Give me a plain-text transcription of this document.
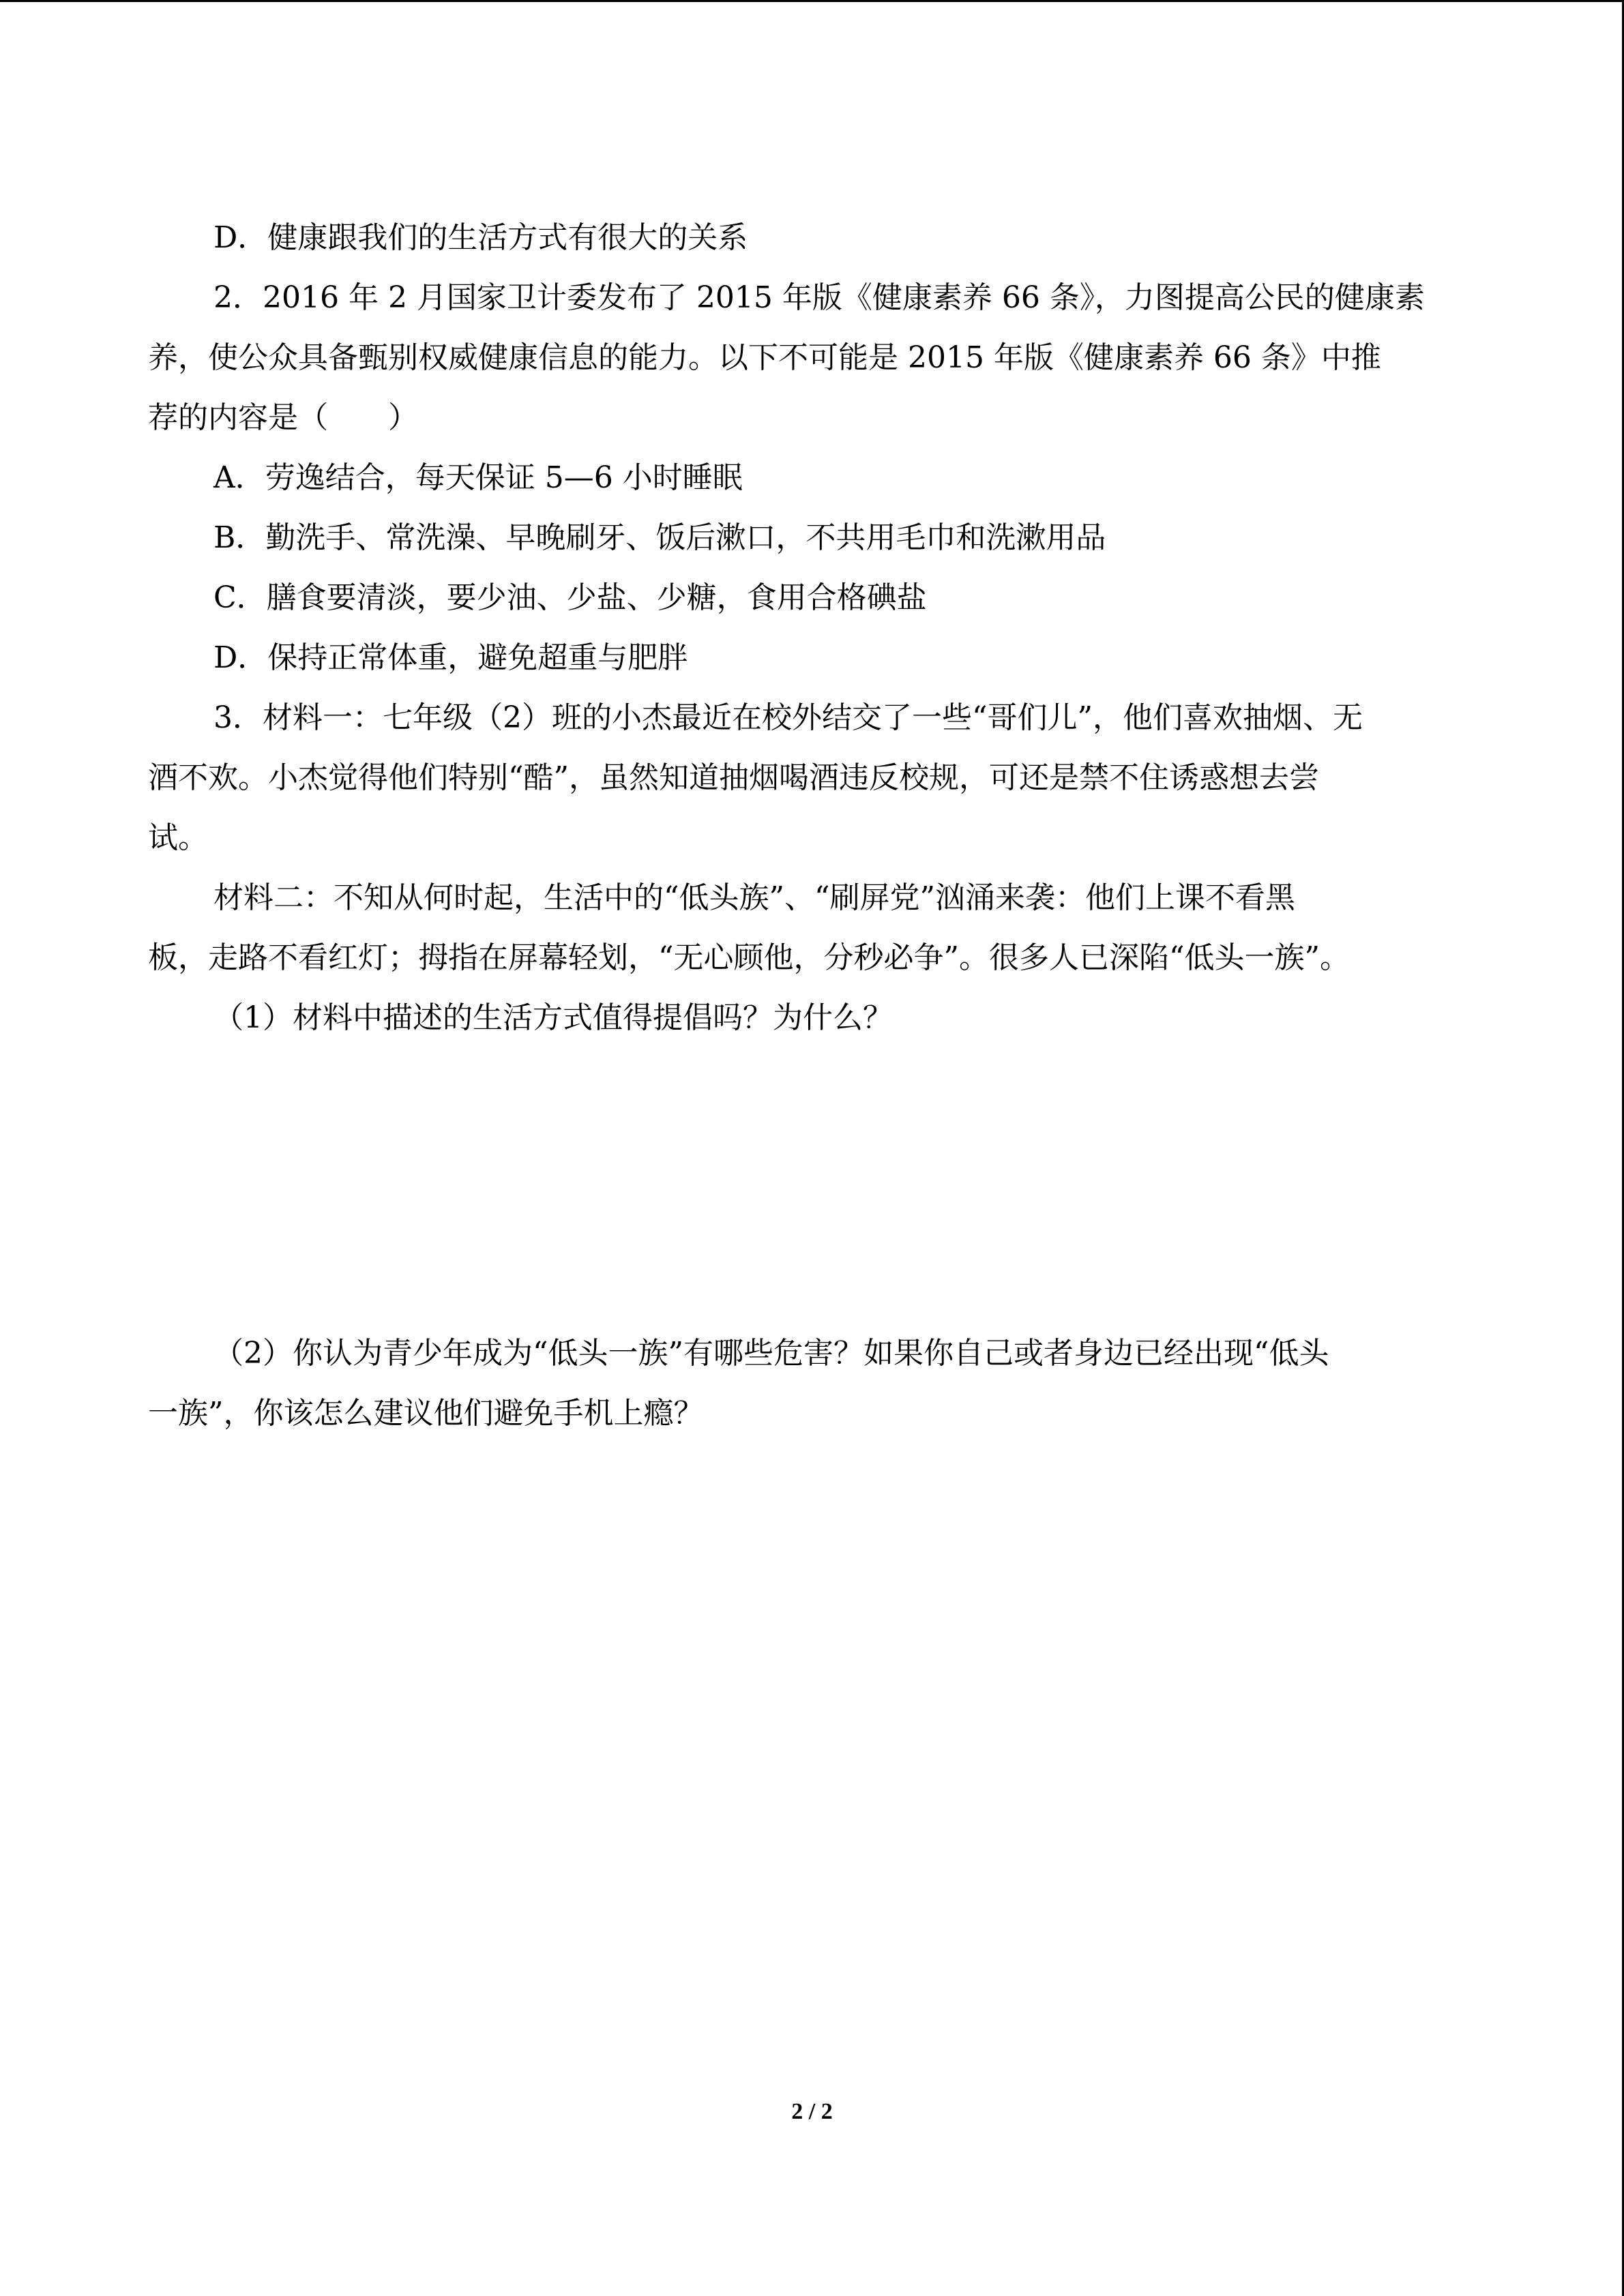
D．健康跟我们的生活方式有很大的关系

2．2016 年 2 月国家卫计委发布了 2015 年版《健康素养 66 条》，力图提高公民的健康素

养，使公众具备甄别权威健康信息的能力。以下不可能是 2015 年版《健康素养 66 条》中推

荐的内容是（　　）

A．劳逸结合，每天保证 5—6 小时睡眠

B．勤洗手、常洗澡、早晚刷牙、饭后漱口，不共用毛巾和洗漱用品

C．膳食要清淡，要少油、少盐、少糖，食用合格碘盐

D．保持正常体重，避免超重与肥胖

3．材料一：七年级（2）班的小杰最近在校外结交了一些“哥们儿”，他们喜欢抽烟、无

酒不欢。小杰觉得他们特别“酷”，虽然知道抽烟喝酒违反校规，可还是禁不住诱惑想去尝

试。

材料二：不知从何时起，生活中的“低头族”、“刷屏党”汹涌来袭：他们上课不看黑

板，走路不看红灯；拇指在屏幕轻划，“无心顾他，分秒必争”。很多人已深陷“低头一族”。

（1）材料中描述的生活方式值得提倡吗？为什么？

（2）你认为青少年成为“低头一族”有哪些危害？如果你自己或者身边已经出现“低头

一族”，你该怎么建议他们避免手机上瘾？

2 / 2
